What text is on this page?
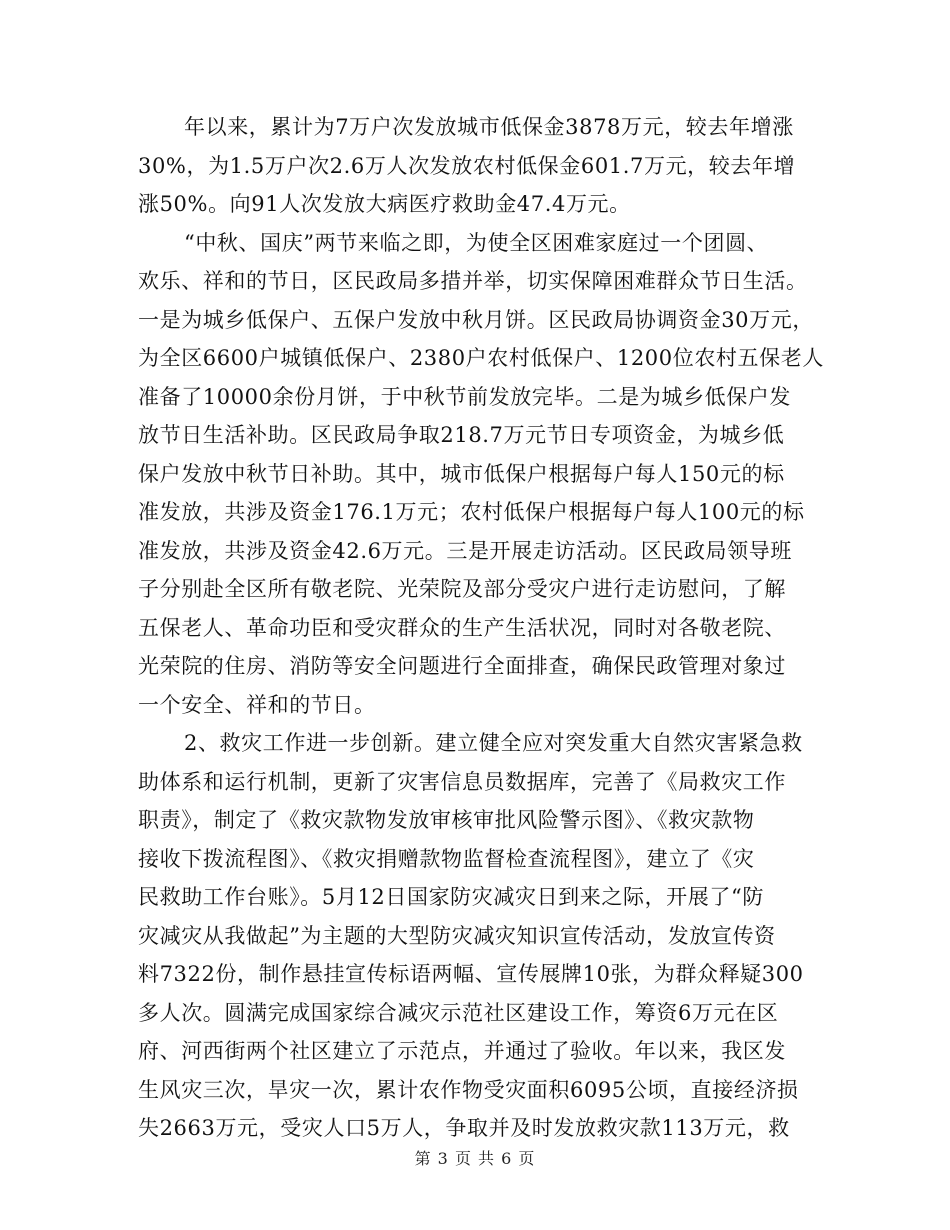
年以来，累计为7万户次发放城市低保金3878万元，较去年增涨
30%，为1.5万户次2.6万人次发放农村低保金601.7万元，较去年增
涨50%。向91人次发放大病医疗救助金47.4万元。
“中秋、国庆”两节来临之即，为使全区困难家庭过一个团圆、
欢乐、祥和的节日，区民政局多措并举，切实保障困难群众节日生活。
一是为城乡低保户、五保户发放中秋月饼。区民政局协调资金30万元，
为全区6600户城镇低保户、2380户农村低保户、1200位农村五保老人
准备了10000余份月饼，于中秋节前发放完毕。二是为城乡低保户发
放节日生活补助。区民政局争取218.7万元节日专项资金，为城乡低
保户发放中秋节日补助。其中，城市低保户根据每户每人150元的标
准发放，共涉及资金176.1万元；农村低保户根据每户每人100元的标
准发放，共涉及资金42.6万元。三是开展走访活动。区民政局领导班
子分别赴全区所有敬老院、光荣院及部分受灾户进行走访慰问，了解
五保老人、革命功臣和受灾群众的生产生活状况，同时对各敬老院、
光荣院的住房、消防等安全问题进行全面排查，确保民政管理对象过
一个安全、祥和的节日。
2、救灾工作进一步创新。建立健全应对突发重大自然灾害紧急救
助体系和运行机制，更新了灾害信息员数据库，完善了《局救灾工作
职责》，制定了《救灾款物发放审核审批风险警示图》、《救灾款物
接收下拨流程图》、《救灾捐赠款物监督检查流程图》，建立了《灾
民救助工作台账》。5月12日国家防灾减灾日到来之际，开展了“防
灾减灾从我做起”为主题的大型防灾减灾知识宣传活动，发放宣传资
料7322份，制作悬挂宣传标语两幅、宣传展牌10张，为群众释疑300
多人次。圆满完成国家综合减灾示范社区建设工作，筹资6万元在区
府、河西街两个社区建立了示范点，并通过了验收。年以来，我区发
生风灾三次，旱灾一次，累计农作物受灾面积6095公顷，直接经济损
失2663万元，受灾人口5万人，争取并及时发放救灾款113万元，救
第 3 页 共 6 页
